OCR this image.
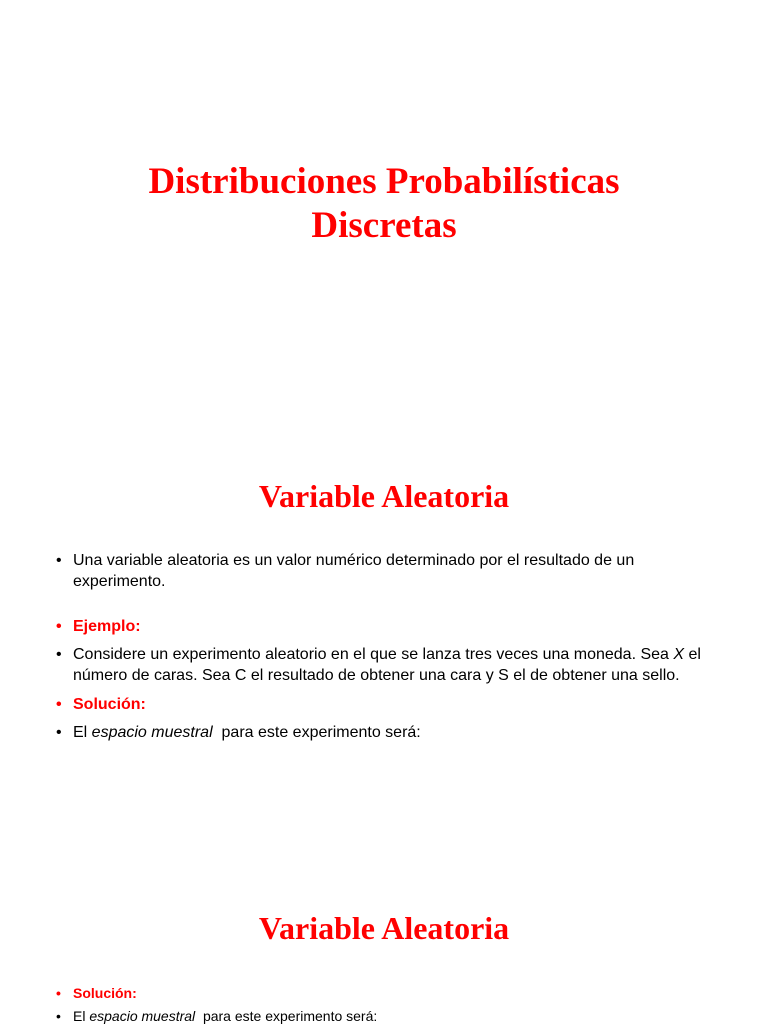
Distribuciones Probabilísticas
Discretas
Variable Aleatoria
• Una variable aleatoria es un valor numérico determinado por el resultado de un experimento.
• Ejemplo:
• Considere un experimento aleatorio en el que se lanza tres veces una moneda. Sea X el número de caras. Sea C el resultado de obtener una cara y S el de obtener una sello.
• Solución:
• El espacio muestral  para este experimento será:
Variable Aleatoria
• Solución:
• El espacio muestral  para este experimento será:
